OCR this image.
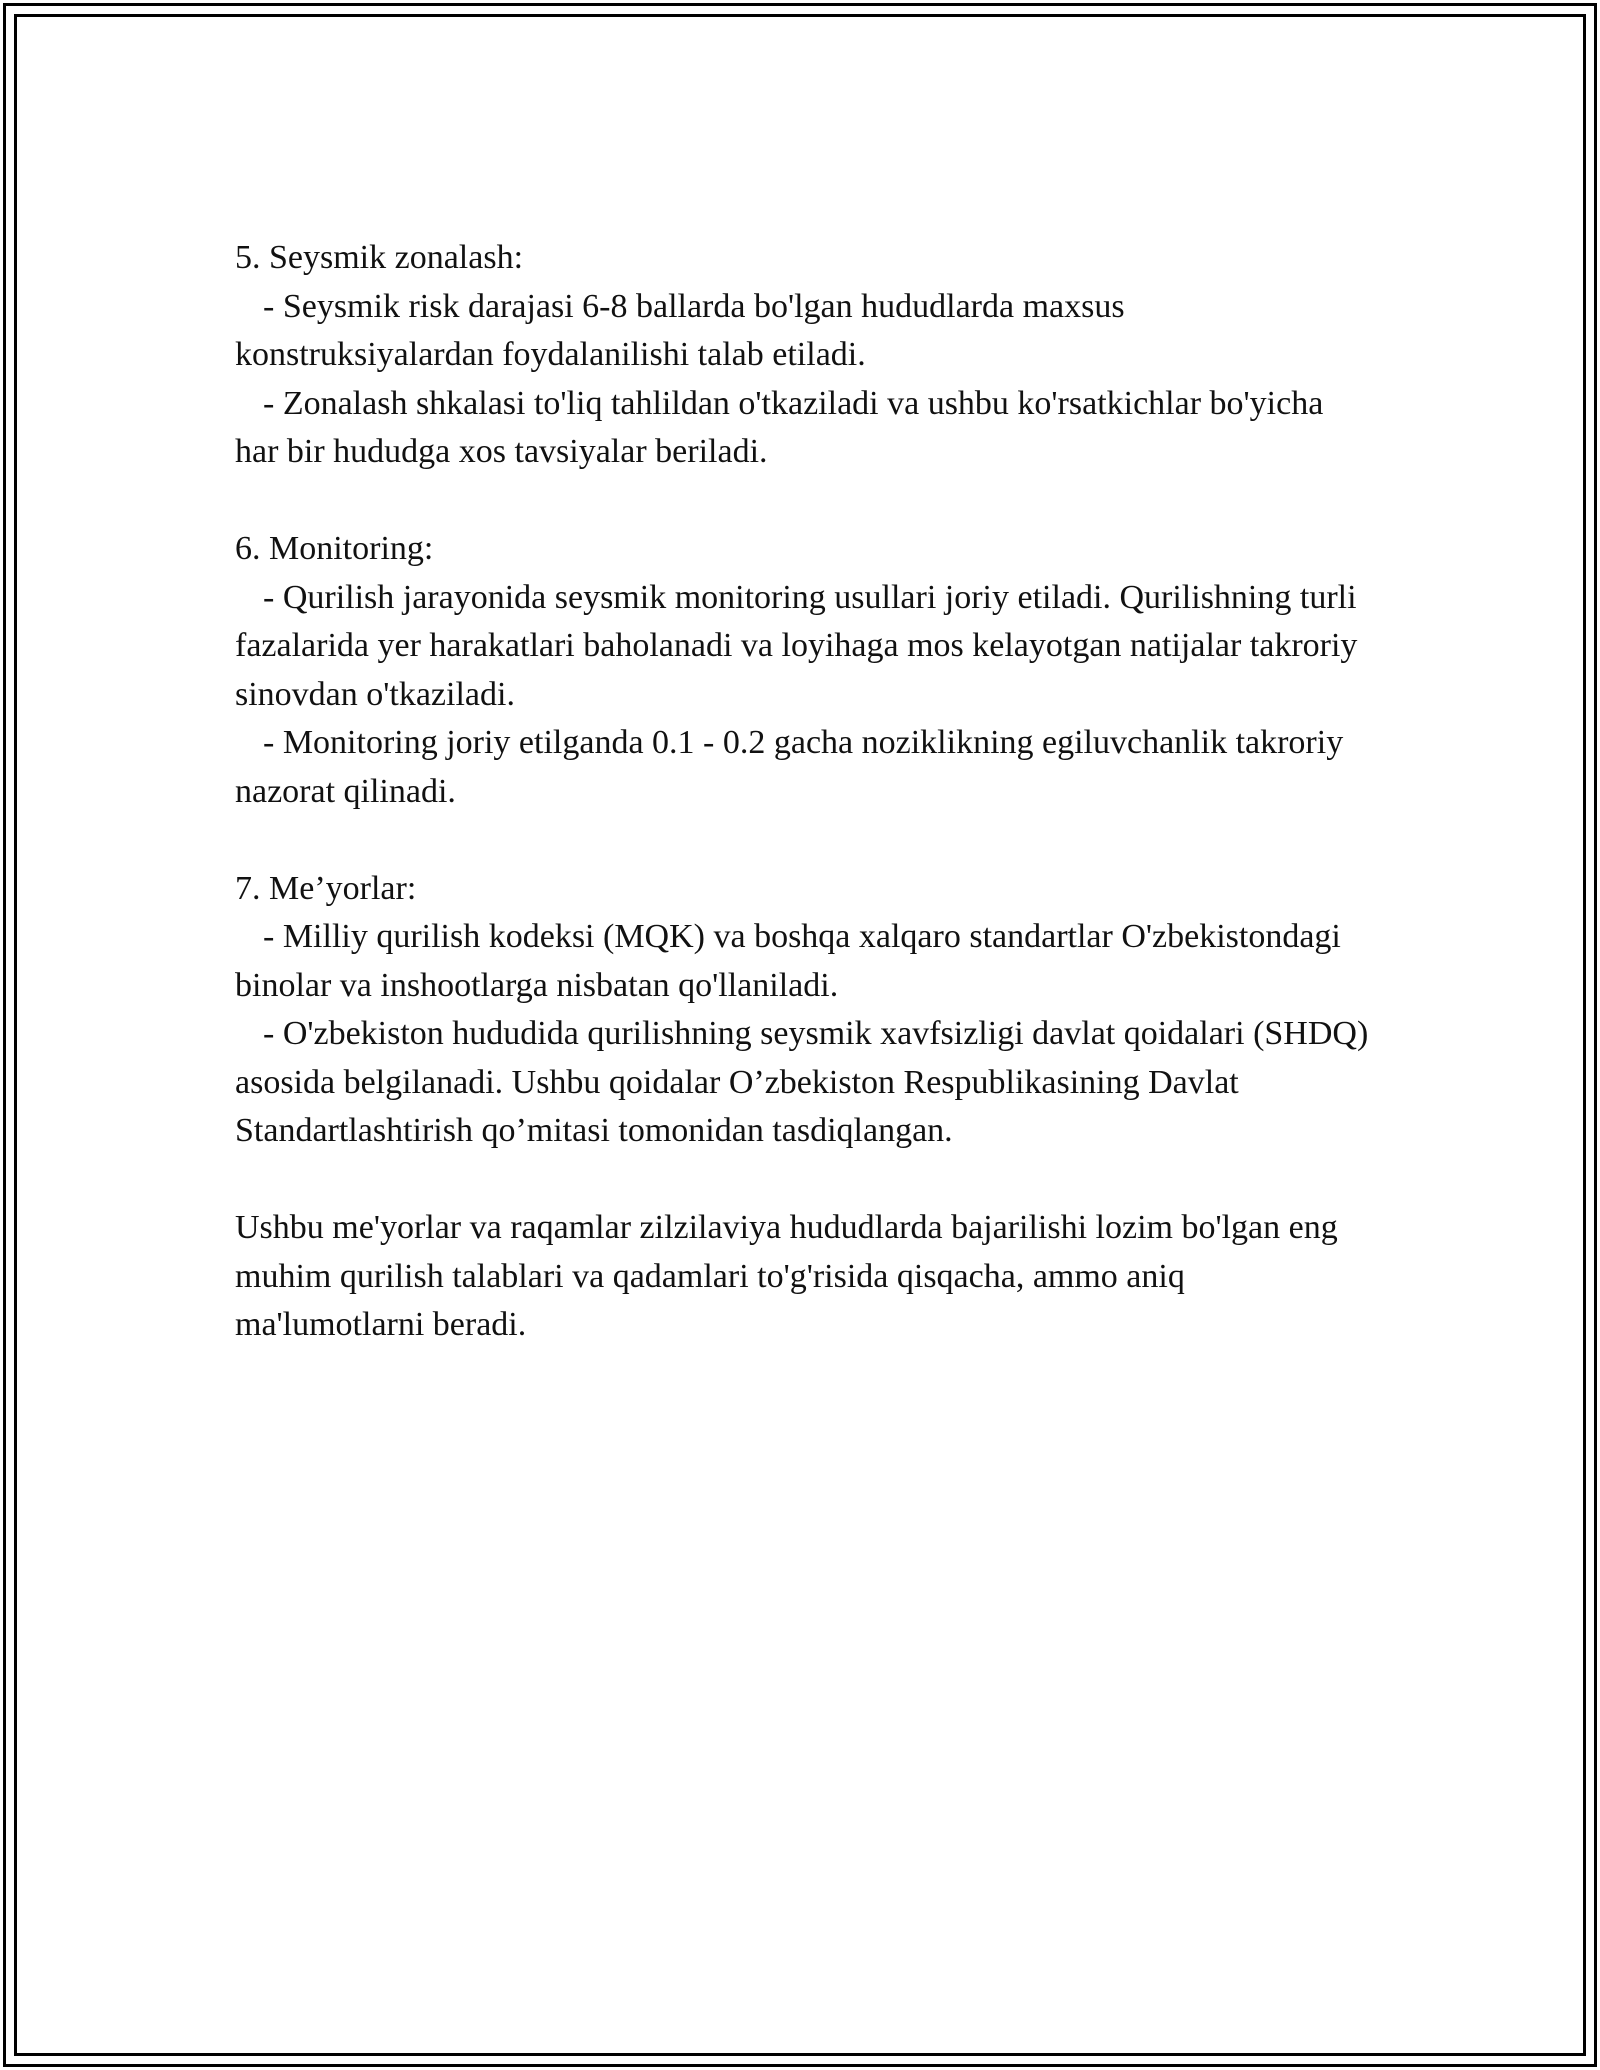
5. Seysmik zonalash:

- Seysmik risk darajasi 6-8 ballarda bo'lgan hududlarda maxsus konstruksiyalardan foydalanilishi talab etiladi.

- Zonalash shkalasi to'liq tahlildan o'tkaziladi va ushbu ko'rsatkichlar bo'yicha har bir hududga xos tavsiyalar beriladi.

6. Monitoring:

- Qurilish jarayonida seysmik monitoring usullari joriy etiladi. Qurilishning turli fazalarida yer harakatlari baholanadi va loyihaga mos kelayotgan natijalar takroriy sinovdan o'tkaziladi.

- Monitoring joriy etilganda 0.1 - 0.2 gacha noziklikning egiluvchanlik takroriy nazorat qilinadi.

7. Me’yorlar:

- Milliy qurilish kodeksi (MQK) va boshqa xalqaro standartlar O'zbekistondagi binolar va inshootlarga nisbatan qo'llaniladi.

- O'zbekiston hududida qurilishning seysmik xavfsizligi davlat qoidalari (SHDQ) asosida belgilanadi. Ushbu qoidalar O’zbekiston Respublikasining Davlat Standartlashtirish qo’mitasi tomonidan tasdiqlangan.

Ushbu me'yorlar va raqamlar zilzilaviya hududlarda bajarilishi lozim bo'lgan eng muhim qurilish talablari va qadamlari to'g'risida qisqacha, ammo aniq ma'lumotlarni beradi.
